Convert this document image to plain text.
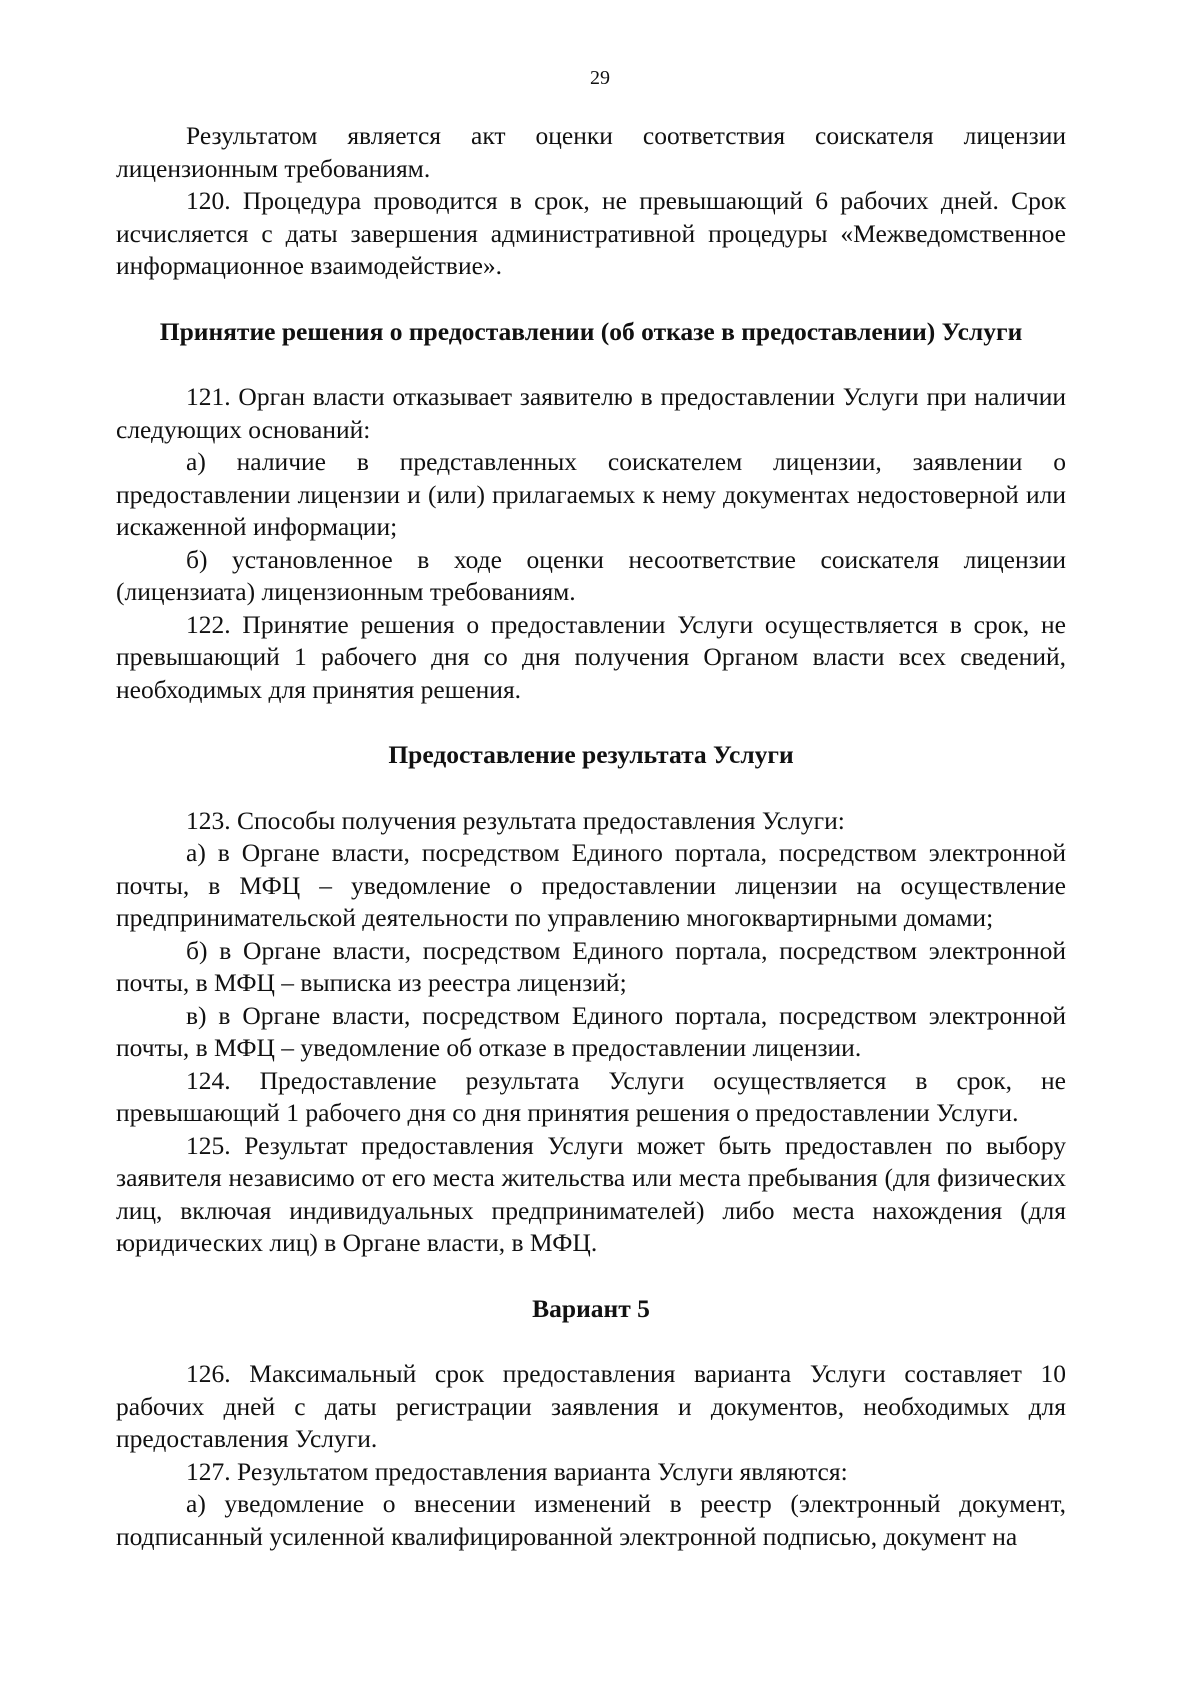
29

Результатом является акт оценки соответствия соискателя лицензии лицензионным требованиям.

120. Процедура проводится в срок, не превышающий 6 рабочих дней. Срок исчисляется с даты завершения административной процедуры «Межведомственное информационное взаимодействие».

Принятие решения о предоставлении (об отказе в предоставлении) Услуги

121. Орган власти отказывает заявителю в предоставлении Услуги при наличии следующих оснований:

а) наличие в представленных соискателем лицензии, заявлении о предоставлении лицензии и (или) прилагаемых к нему документах недостоверной или искаженной информации;

б) установленное в ходе оценки несоответствие соискателя лицензии (лицензиата) лицензионным требованиям.

122. Принятие решения о предоставлении Услуги осуществляется в срок, не превышающий 1 рабочего дня со дня получения Органом власти всех сведений, необходимых для принятия решения.

Предоставление результата Услуги

123. Способы получения результата предоставления Услуги:

а) в Органе власти, посредством Единого портала, посредством электронной почты, в МФЦ – уведомление о предоставлении лицензии на осуществление предпринимательской деятельности по управлению многоквартирными домами;

б) в Органе власти, посредством Единого портала, посредством электронной почты, в МФЦ – выписка из реестра лицензий;

в) в Органе власти, посредством Единого портала, посредством электронной почты, в МФЦ – уведомление об отказе в предоставлении лицензии.

124. Предоставление результата Услуги осуществляется в срок, не превышающий 1 рабочего дня со дня принятия решения о предоставлении Услуги.

125. Результат предоставления Услуги может быть предоставлен по выбору заявителя независимо от его места жительства или места пребывания (для физических лиц, включая индивидуальных предпринимателей) либо места нахождения (для юридических лиц) в Органе власти, в МФЦ.

Вариант 5

126. Максимальный срок предоставления варианта Услуги составляет 10 рабочих дней с даты регистрации заявления и документов, необходимых для предоставления Услуги.

127. Результатом предоставления варианта Услуги являются:

а) уведомление о внесении изменений в реестр (электронный документ, подписанный усиленной квалифицированной электронной подписью, документ на
